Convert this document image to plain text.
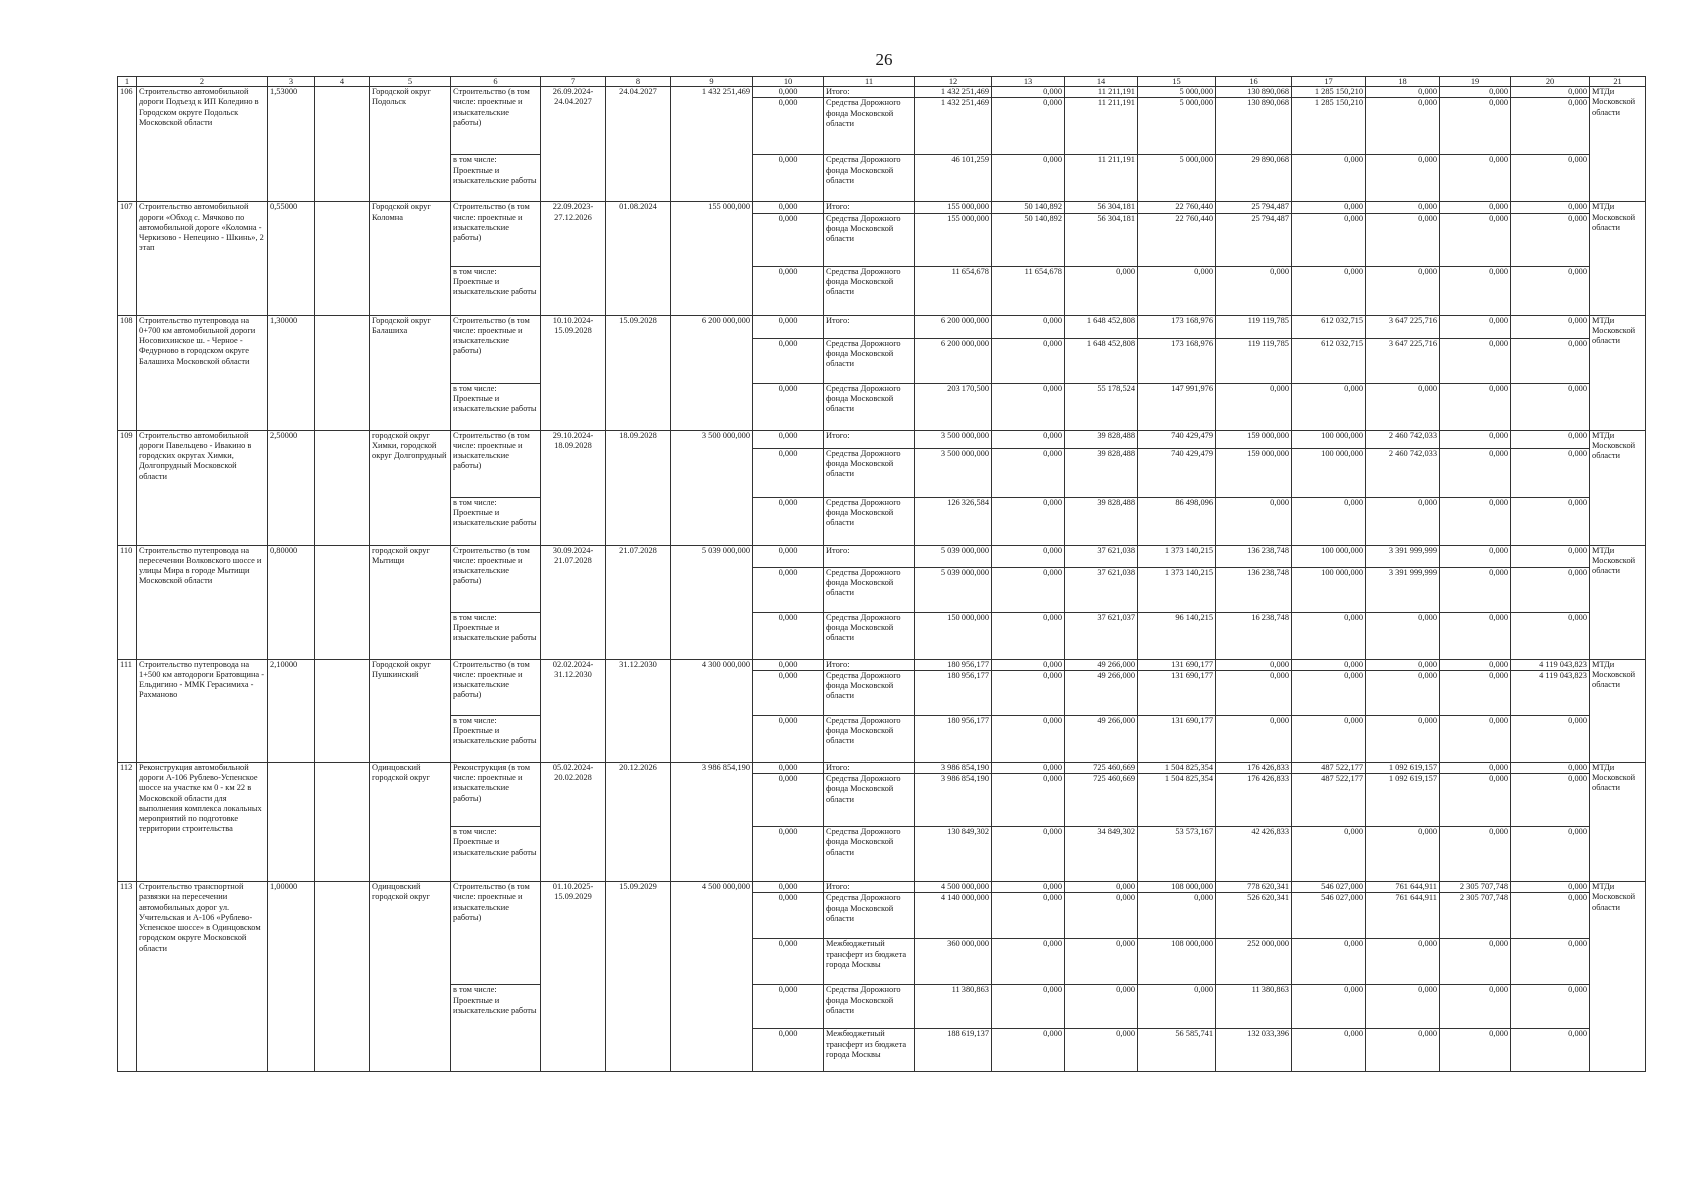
26
1	2	3	4	5	6	7	8	9	10	11	12	13	14	15	16	17	18	19	20	21
106	Строительство автомобильной дороги Подъезд к ИП Коледино в Городском округе Подольск Московской области	1,53000		Городской округ Подольск	Строительство (в том числе: проектные и изыскательские работы)	26.09.2024-24.04.2027	24.04.2027	1 432 251,469	0,000	Итого:	1 432 251,469	0,000	11 211,191	5 000,000	130 890,068	1 285 150,210	0,000	0,000	0,000	МТДи Московской области
									0,000	Средства Дорожного фонда Московской области	1 432 251,469	0,000	11 211,191	5 000,000	130 890,068	1 285 150,210	0,000	0,000	0,000	
					в том числе: Проектные и изыскательские работы				0,000	Средства Дорожного фонда Московской области	46 101,259	0,000	11 211,191	5 000,000	29 890,068	0,000	0,000	0,000	0,000	
107	Строительство автомобильной дороги «Обход с. Мячково по автомобильной дороге «Коломна - Черкизово - Непецино - Шкинь», 2 этап	0,55000		Городской округ Коломна	Строительство (в том числе: проектные и изыскательские работы)	22.09.2023-27.12.2026	01.08.2024	155 000,000	0,000	Итого:	155 000,000	50 140,892	56 304,181	22 760,440	25 794,487	0,000	0,000	0,000	0,000	МТДи Московской области
									0,000	Средства Дорожного фонда Московской области	155 000,000	50 140,892	56 304,181	22 760,440	25 794,487	0,000	0,000	0,000	0,000	
					в том числе: Проектные и изыскательские работы				0,000	Средства Дорожного фонда Московской области	11 654,678	11 654,678	0,000	0,000	0,000	0,000	0,000	0,000	0,000	
108	Строительство путепровода на 0+700 км автомобильной дороги Носовихинское ш. - Черное - Федурново в городском округе Балашиха Московской области	1,30000		Городской округ Балашиха	Строительство (в том числе: проектные и изыскательские работы)	10.10.2024-15.09.2028	15.09.2028	6 200 000,000	0,000	Итого:	6 200 000,000	0,000	1 648 452,808	173 168,976	119 119,785	612 032,715	3 647 225,716	0,000	0,000	МТДи Московской области
									0,000	Средства Дорожного фонда Московской области	6 200 000,000	0,000	1 648 452,808	173 168,976	119 119,785	612 032,715	3 647 225,716	0,000	0,000	
					в том числе: Проектные и изыскательские работы				0,000	Средства Дорожного фонда Московской области	203 170,500	0,000	55 178,524	147 991,976	0,000	0,000	0,000	0,000	0,000	
109	Строительство автомобильной дороги Павельцево - Ивакино в городских округах Химки, Долгопрудный Московской области	2,50000		городской округ Химки, городской округ Долгопрудный	Строительство (в том числе: проектные и изыскательские работы)	29.10.2024-18.09.2028	18.09.2028	3 500 000,000	0,000	Итого:	3 500 000,000	0,000	39 828,488	740 429,479	159 000,000	100 000,000	2 460 742,033	0,000	0,000	МТДи Московской области
									0,000	Средства Дорожного фонда Московской области	3 500 000,000	0,000	39 828,488	740 429,479	159 000,000	100 000,000	2 460 742,033	0,000	0,000	
					в том числе: Проектные и изыскательские работы				0,000	Средства Дорожного фонда Московской области	126 326,584	0,000	39 828,488	86 498,096	0,000	0,000	0,000	0,000	0,000	
110	Строительство путепровода на пересечении Волковского шоссе и улицы Мира в городе Мытищи Московской области	0,80000		городской округ Мытищи	Строительство (в том числе: проектные и изыскательские работы)	30.09.2024-21.07.2028	21.07.2028	5 039 000,000	0,000	Итого:	5 039 000,000	0,000	37 621,038	1 373 140,215	136 238,748	100 000,000	3 391 999,999	0,000	0,000	МТДи Московской области
									0,000	Средства Дорожного фонда Московской области	5 039 000,000	0,000	37 621,038	1 373 140,215	136 238,748	100 000,000	3 391 999,999	0,000	0,000	
					в том числе: Проектные и изыскательские работы				0,000	Средства Дорожного фонда Московской области	150 000,000	0,000	37 621,037	96 140,215	16 238,748	0,000	0,000	0,000	0,000	
111	Строительство путепровода на 1+500 км автодороги Братовщина - Ельдигино - ММК Герасимиха - Рахманово	2,10000		Городской округ Пушкинский	Строительство (в том числе: проектные и изыскательские работы)	02.02.2024-31.12.2030	31.12.2030	4 300 000,000	0,000	Итого:	180 956,177	0,000	49 266,000	131 690,177	0,000	0,000	0,000	0,000	4 119 043,823	МТДи Московской области
									0,000	Средства Дорожного фонда Московской области	180 956,177	0,000	49 266,000	131 690,177	0,000	0,000	0,000	0,000	4 119 043,823	
					в том числе: Проектные и изыскательские работы				0,000	Средства Дорожного фонда Московской области	180 956,177	0,000	49 266,000	131 690,177	0,000	0,000	0,000	0,000	0,000	
112	Реконструкция автомобильной дороги А-106 Рублево-Успенское шоссе на участке км 0 - км 22 в Московской области для выполнения комплекса локальных мероприятий по подготовке территории строительства			Одинцовский городской округ	Реконструкция (в том числе: проектные и изыскательские работы)	05.02.2024-20.02.2028	20.12.2026	3 986 854,190	0,000	Итого:	3 986 854,190	0,000	725 460,669	1 504 825,354	176 426,833	487 522,177	1 092 619,157	0,000	0,000	МТДи Московской области
									0,000	Средства Дорожного фонда Московской области	3 986 854,190	0,000	725 460,669	1 504 825,354	176 426,833	487 522,177	1 092 619,157	0,000	0,000	
					в том числе: Проектные и изыскательские работы				0,000	Средства Дорожного фонда Московской области	130 849,302	0,000	34 849,302	53 573,167	42 426,833	0,000	0,000	0,000	0,000	
113	Строительство транспортной развязки на пересечении автомобильных дорог ул. Учительская и А-106 «Рублево-Успенское шоссе» в Одинцовском городском округе Московской области	1,00000		Одинцовский городской округ	Строительство (в том числе: проектные и изыскательские работы)	01.10.2025-15.09.2029	15.09.2029	4 500 000,000	0,000	Итого:	4 500 000,000	0,000	0,000	108 000,000	778 620,341	546 027,000	761 644,911	2 305 707,748	0,000	МТДи Московской области
									0,000	Средства Дорожного фонда Московской области	4 140 000,000	0,000	0,000	0,000	526 620,341	546 027,000	761 644,911	2 305 707,748	0,000	
									0,000	Межбюджетный трансферт из бюджета города Москвы	360 000,000	0,000	0,000	108 000,000	252 000,000	0,000	0,000	0,000	0,000	
					в том числе: Проектные и изыскательские работы				0,000	Средства Дорожного фонда Московской области	11 380,863	0,000	0,000	0,000	11 380,863	0,000	0,000	0,000	0,000	
									0,000	Межбюджетный трансферт из бюджета города Москвы	188 619,137	0,000	0,000	56 585,741	132 033,396	0,000	0,000	0,000	0,000	
